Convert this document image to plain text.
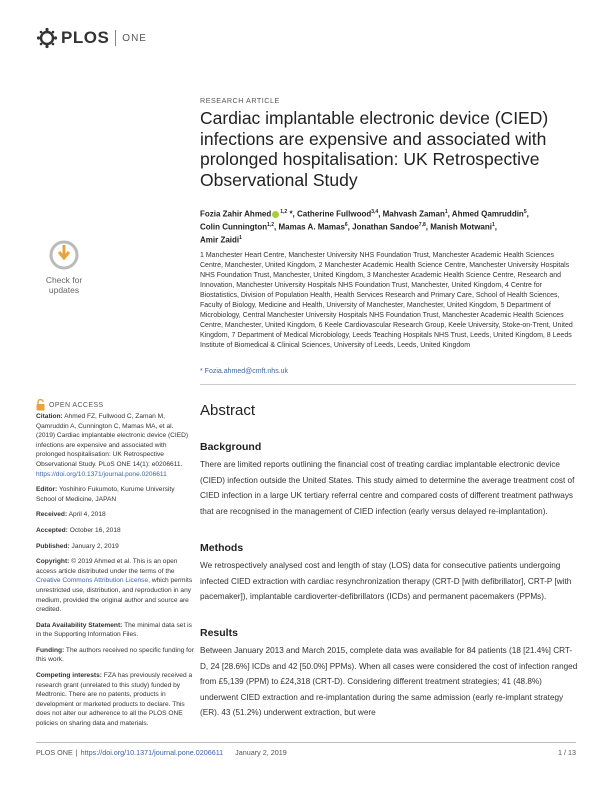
PLOS ONE
Check for updates
OPEN ACCESS
Citation: Ahmed FZ, Fullwood C, Zaman M, Qamruddin A, Cunnington C, Mamas MA, et al. (2019) Cardiac implantable electronic device (CIED) infections are expensive and associated with prolonged hospitalisation: UK Retrospective Observational Study. PLoS ONE 14(1): e0206611. https://doi.org/10.1371/journal.pone.0206611
Editor: Yoshihiro Fukumoto, Kurume University School of Medicine, JAPAN
Received: April 4, 2018
Accepted: October 16, 2018
Published: January 2, 2019
Copyright: © 2019 Ahmed et al. This is an open access article distributed under the terms of the Creative Commons Attribution License, which permits unrestricted use, distribution, and reproduction in any medium, provided the original author and source are credited.
Data Availability Statement: The minimal data set is in the Supporting Information Files.
Funding: The authors received no specific funding for this work.
Competing interests: FZA has previously received a research grant (unrelated to this study) funded by Medtronic. There are no patents, products in development or marketed products to declare. This does not alter our adherence to all the PLOS ONE policies on sharing data and materials.
RESEARCH ARTICLE
Cardiac implantable electronic device (CIED) infections are expensive and associated with prolonged hospitalisation: UK Retrospective Observational Study
Fozia Zahir Ahmed $^{1,2}$ *, Catherine Fullwood$^{3,4}$, Mahvash Zaman$^1$, Ahmed Qamruddin$^5$,
Colin Cunnington$^{1,2}$, Mamas A. Mamas$^6$, Jonathan Sandoe$^{7,8}$, Manish Motwani$^1$,
Amir Zaidi$^1$
1 Manchester Heart Centre, Manchester University NHS Foundation Trust, Manchester Academic Health Sciences Centre, Manchester, United Kingdom, 2 Manchester Academic Health Science Centre, Manchester University Hospitals NHS Foundation Trust, Manchester, United Kingdom, 3 Manchester Academic Health Science Centre, Research and Innovation, Manchester University Hospitals NHS Foundation Trust, Manchester, United Kingdom, 4 Centre for Biostatistics, Division of Population Health, Health Services Research and Primary Care, School of Health Sciences, Faculty of Biology, Medicine and Health, University of Manchester, Manchester, United Kingdom, 5 Department of Microbiology, Central Manchester University Hospitals NHS Foundation Trust, Manchester Academic Health Sciences Centre, Manchester, United Kingdom, 6 Keele Cardiovascular Research Group, Keele University, Stoke-on-Trent, United Kingdom, 7 Department of Medical Microbiology, Leeds Teaching Hospitals NHS Trust, Leeds, United Kingdom, 8 Leeds Institute of Biomedical & Clinical Sciences, University of Leeds, Leeds, United Kingdom
* Fozia.ahmed@cmft.nhs.uk
Abstract
Background
There are limited reports outlining the financial cost of treating cardiac implantable electronic device (CIED) infection outside the United States. This study aimed to determine the average treatment cost of CIED infection in a large UK tertiary referral centre and compared costs of different treatment pathways that are recognised in the management of CIED infection (early versus delayed re-implantation).
Methods
We retrospectively analysed cost and length of stay (LOS) data for consecutive patients undergoing infected CIED extraction with cardiac resynchronization therapy (CRT-D [with defibrillator], CRT-P [with pacemaker]), implantable cardioverter-defibrillators (ICDs) and permanent pacemakers (PPMs).
Results
Between January 2013 and March 2015, complete data was available for 84 patients (18 [21.4%] CRT-D, 24 [28.6%] ICDs and 42 [50.0%] PPMs). When all cases were considered the cost of infection ranged from £5,139 (PPM) to £24,318 (CRT-D). Considering different treatment strategies; 41 (48.8%) underwent CIED extraction and re-implantation during the same admission (early re-implant strategy (ER). 43 (51.2%) underwent extraction, but were
PLOS ONE | https://doi.org/10.1371/journal.pone.0206611 January 2, 2019	1 / 13
